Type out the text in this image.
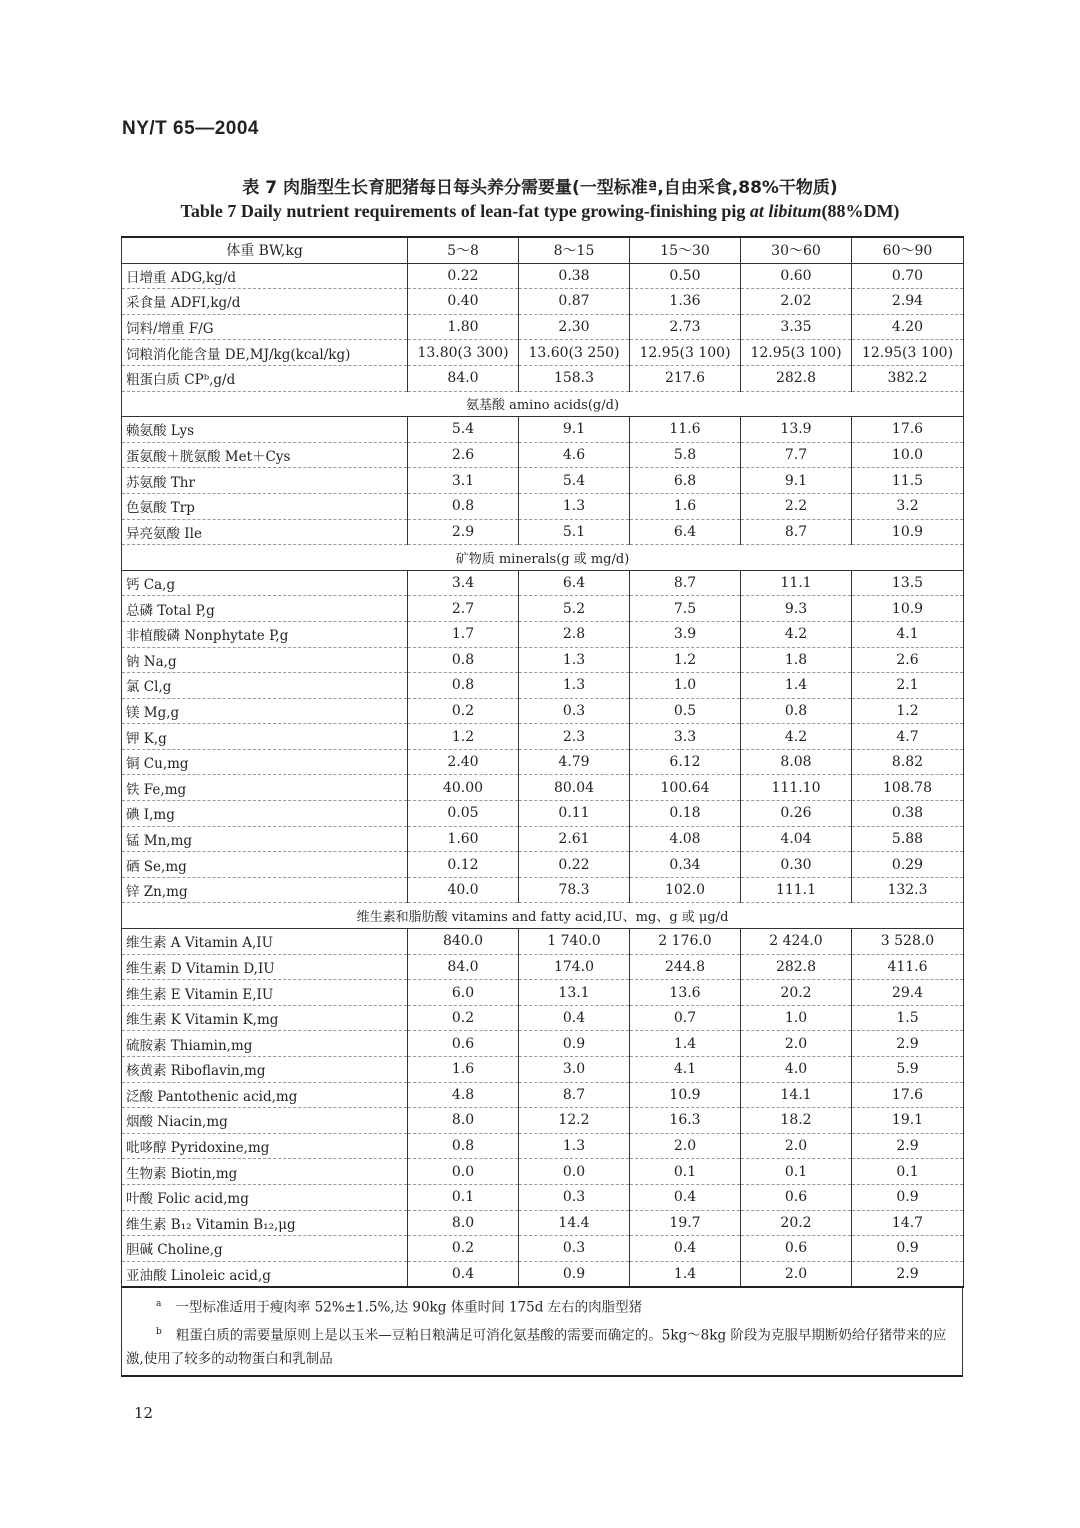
NY/T 65—2004
表 7 肉脂型生长育肥猪每日每头养分需要量(一型标准ª,自由采食,88%干物质)
Table 7 Daily nutrient requirements of lean-fat type growing-finishing pig at libitum(88%DM)
体重 BW,kg	5～8	8～15	15～30	30～60	60～90
日增重 ADG,kg/d	0.22	0.38	0.50	0.60	0.70
采食量 ADFI,kg/d	0.40	0.87	1.36	2.02	2.94
饲料/增重 F/G	1.80	2.30	2.73	3.35	4.20
饲粮消化能含量 DE,MJ/kg(kcal/kg)	13.80(3 300)	13.60(3 250)	12.95(3 100)	12.95(3 100)	12.95(3 100)
粗蛋白质 CPᵇ,g/d	84.0	158.3	217.6	282.8	382.2
氨基酸 amino acids(g/d)					
赖氨酸 Lys	5.4	9.1	11.6	13.9	17.6
蛋氨酸＋胱氨酸 Met＋Cys	2.6	4.6	5.8	7.7	10.0
苏氨酸 Thr	3.1	5.4	6.8	9.1	11.5
色氨酸 Trp	0.8	1.3	1.6	2.2	3.2
异亮氨酸 Ile	2.9	5.1	6.4	8.7	10.9
矿物质 minerals(g 或 mg/d)					
钙 Ca,g	3.4	6.4	8.7	11.1	13.5
总磷 Total P,g	2.7	5.2	7.5	9.3	10.9
非植酸磷 Nonphytate P,g	1.7	2.8	3.9	4.2	4.1
钠 Na,g	0.8	1.3	1.2	1.8	2.6
氯 Cl,g	0.8	1.3	1.0	1.4	2.1
镁 Mg,g	0.2	0.3	0.5	0.8	1.2
钾 K,g	1.2	2.3	3.3	4.2	4.7
铜 Cu,mg	2.40	4.79	6.12	8.08	8.82
铁 Fe,mg	40.00	80.04	100.64	111.10	108.78
碘 I,mg	0.05	0.11	0.18	0.26	0.38
锰 Mn,mg	1.60	2.61	4.08	4.04	5.88
硒 Se,mg	0.12	0.22	0.34	0.30	0.29
锌 Zn,mg	40.0	78.3	102.0	111.1	132.3
维生素和脂肪酸 vitamins and fatty acid,IU、mg、g 或 μg/d					
维生素 A Vitamin A,IU	840.0	1 740.0	2 176.0	2 424.0	3 528.0
维生素 D Vitamin D,IU	84.0	174.0	244.8	282.8	411.6
维生素 E Vitamin E,IU	6.0	13.1	13.6	20.2	29.4
维生素 K Vitamin K,mg	0.2	0.4	0.7	1.0	1.5
硫胺素 Thiamin,mg	0.6	0.9	1.4	2.0	2.9
核黄素 Riboflavin,mg	1.6	3.0	4.1	4.0	5.9
泛酸 Pantothenic acid,mg	4.8	8.7	10.9	14.1	17.6
烟酸 Niacin,mg	8.0	12.2	16.3	18.2	19.1
吡哆醇 Pyridoxine,mg	0.8	1.3	2.0	2.0	2.9
生物素 Biotin,mg	0.0	0.0	0.1	0.1	0.1
叶酸 Folic acid,mg	0.1	0.3	0.4	0.6	0.9
维生素 B₁₂ Vitamin B₁₂,μg	8.0	14.4	19.7	20.2	14.7
胆碱 Choline,g	0.2	0.3	0.4	0.6	0.9
亚油酸 Linoleic acid,g	0.4	0.9	1.4	2.0	2.9
$^a$ 一型标准适用于瘦肉率 52%±1.5%,达 90kg 体重时间 175d 左右的肉脂型猪
$^b$ 粗蛋白质的需要量原则上是以玉米—豆粕日粮满足可消化氨基酸的需要而确定的。5kg～8kg 阶段为克服早期断奶给仔猪带来的应激,使用了较多的动物蛋白和乳制品
12
